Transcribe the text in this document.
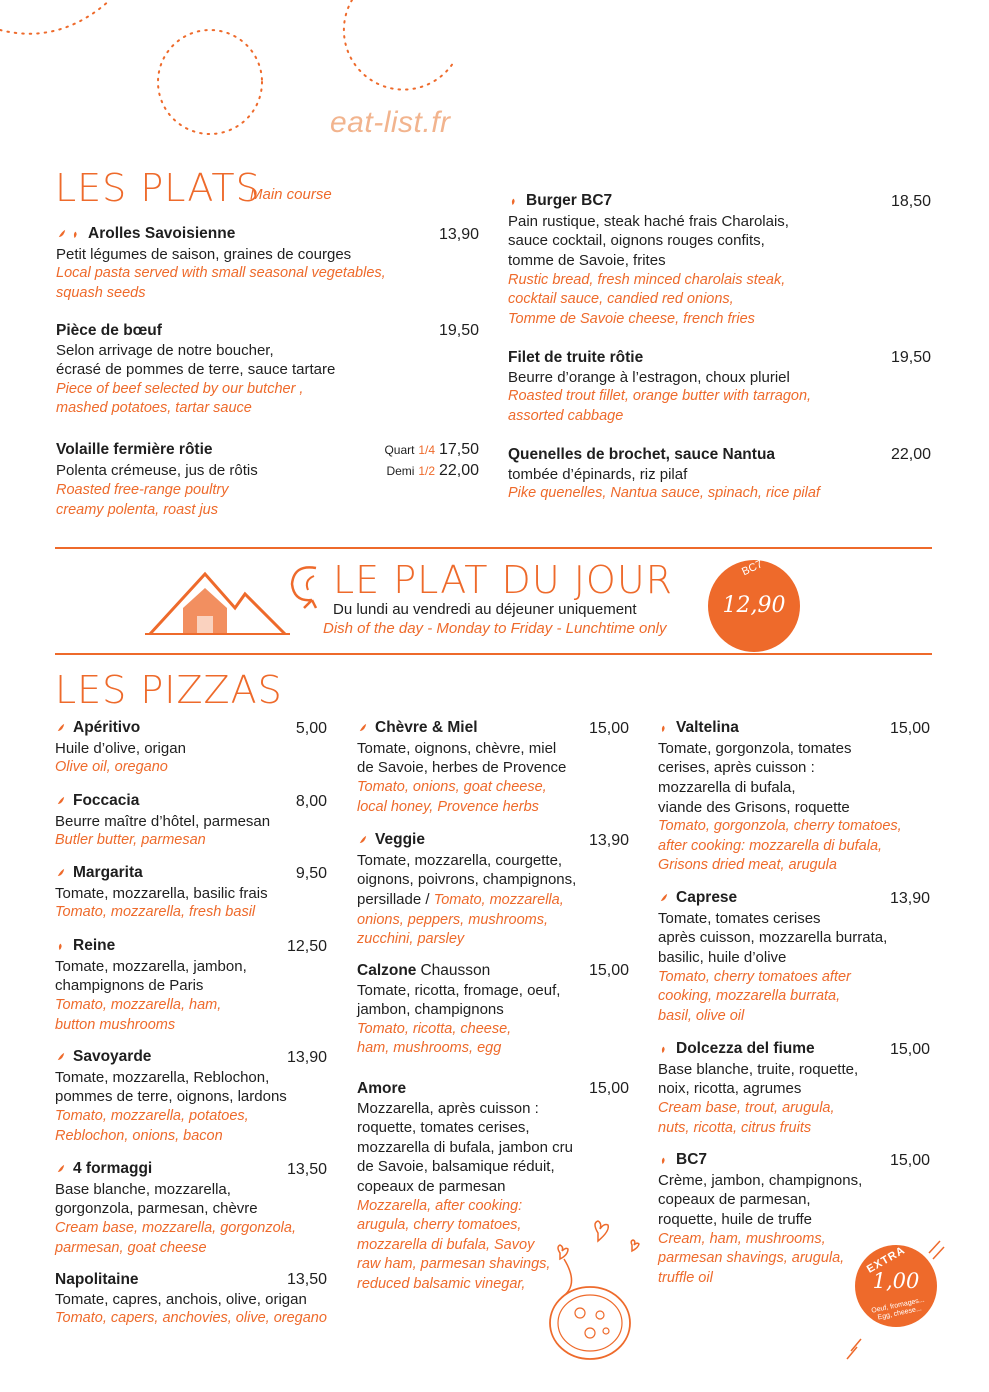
eat-list.fr
LES PLATS
Main course
Arolles Savoisienne	13,90
Petit légumes de saison, graines de courges
Local pasta served with small seasonal vegetables,
squash seeds
Pièce de bœuf	19,50
Selon arrivage de notre boucher,
écrasé de pommes de terre, sauce tartare
Piece of beef selected by our butcher ,
mashed potatoes, tartar sauce
Volaille fermière rôtie	Quart 1/4 17,50
Polenta crémeuse, jus de rôtis	Demi 1/2 22,00
Roasted free-range poultry
creamy polenta, roast jus
Burger BC7	18,50
Pain rustique, steak haché frais Charolais,
sauce cocktail, oignons rouges confits,
tomme de Savoie, frites
Rustic bread, fresh minced charolais steak,
cocktail sauce, candied red onions,
Tomme de Savoie cheese, french fries
Filet de truite rôtie	19,50
Beurre d’orange à l’estragon, choux pluriel
Roasted trout fillet, orange butter with tarragon,
assorted cabbage
Quenelles de brochet, sauce Nantua	22,00
tombée d’épinards, riz pilaf
Pike quenelles, Nantua sauce, spinach, rice pilaf
LE PLAT DU JOUR
Du lundi au vendredi au déjeuner uniquement
Dish of the day - Monday to Friday - Lunchtime only
BC7
12,90
LES PIZZAS
Apéritivo	5,00
Huile d’olive, origan
Olive oil, oregano
Foccacia	8,00
Beurre maître d’hôtel, parmesan
Butler butter, parmesan
Margarita	9,50
Tomate, mozzarella, basilic frais
Tomato, mozzarella, fresh basil
Reine	12,50
Tomate, mozzarella, jambon,
champignons de Paris
Tomato, mozzarella, ham,
button mushrooms
Savoyarde	13,90
Tomate, mozzarella, Reblochon,
pommes de terre, oignons, lardons
Tomato, mozzarella, potatoes,
Reblochon, onions, bacon
4 formaggi	13,50
Base blanche, mozzarella,
gorgonzola, parmesan, chèvre
Cream base, mozzarella, gorgonzola,
parmesan, goat cheese
Napolitaine	13,50
Tomate, capres, anchois, olive, origan
Tomato, capers, anchovies, olive, oregano
Chèvre & Miel	15,00
Tomate, oignons, chèvre, miel
de Savoie, herbes de Provence
Tomato, onions, goat cheese,
local honey, Provence herbs
Veggie	13,90
Tomate, mozzarella, courgette,
oignons, poivrons, champignons,
persillade / Tomato, mozzarella,
onions, peppers, mushrooms,
zucchini, parsley
Calzone Chausson	15,00
Tomate, ricotta, fromage, oeuf,
jambon, champignons
Tomato, ricotta, cheese,
ham, mushrooms, egg
Amore	15,00
Mozzarella, après cuisson :
roquette, tomates cerises,
mozzarella di bufala, jambon cru
de Savoie, balsamique réduit,
copeaux de parmesan
Mozzarella, after cooking:
arugula, cherry tomatoes,
mozzarella di bufala, Savoy
raw ham, parmesan shavings,
reduced balsamic vinegar,
Valtelina	15,00
Tomate, gorgonzola, tomates
cerises, après cuisson :
mozzarella di bufala,
viande des Grisons, roquette
Tomato, gorgonzola, cherry tomatoes,
after cooking: mozzarella di bufala,
Grisons dried meat, arugula
Caprese	13,90
Tomate, tomates cerises
après cuisson, mozzarella burrata,
basilic, huile d’olive
Tomato, cherry tomatoes after
cooking, mozzarella burrata,
basil, olive oil
Dolcezza del fiume	15,00
Base blanche, truite, roquette,
noix, ricotta, agrumes
Cream base, trout, arugula,
nuts, ricotta, citrus fruits
BC7	15,00
Crème, jambon, champignons,
copeaux de parmesan,
roquette, huile de truffe
Cream, ham, mushrooms,
parmesan shavings, arugula,
truffle oil
EXTRA
1,00
Oeuf, fromages... Egg, cheese...
